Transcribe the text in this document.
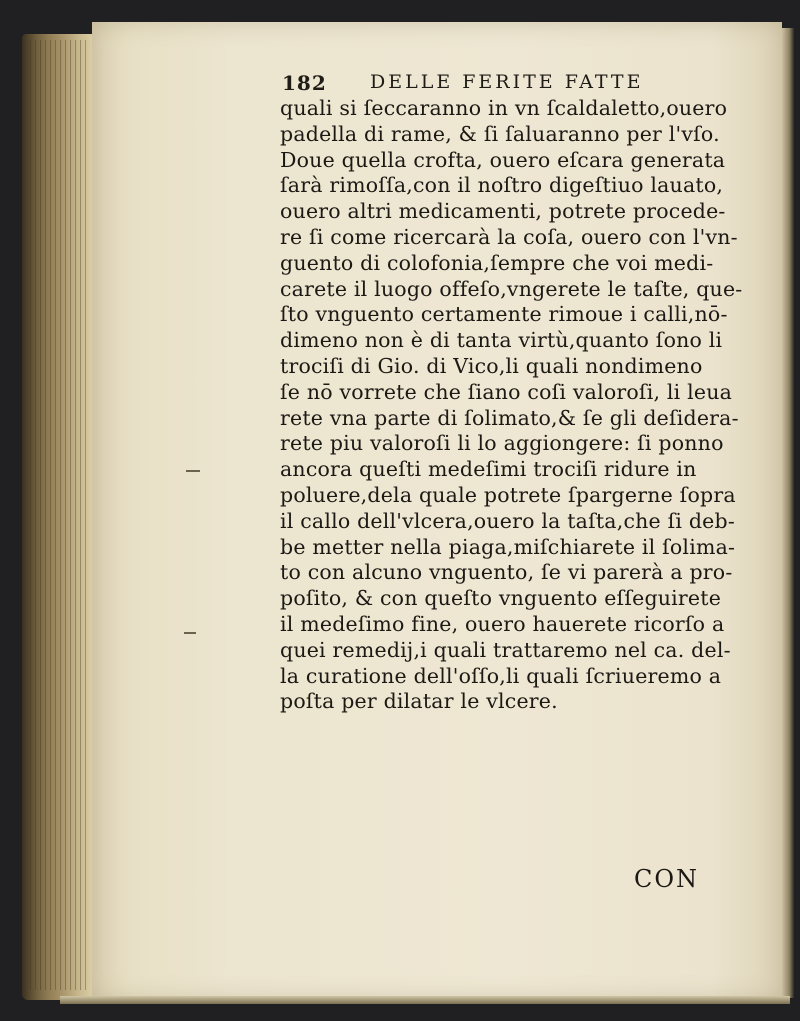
182 DELLE FERITE FATTE
quali si ſeccaranno in vn ſcaldaletto,ouero
padella di rame, & ſi ſaluaranno per l'vſo.
Doue quella crofta, ouero eſcara generata
ſarà rimoſſa,con il noſtro digeſtiuo lauato,
ouero altri medicamenti, potrete procede-
re ſi come ricercarà la coſa, ouero con l'vn-
guento di colofonia,ſempre che voi medi-
carete il luogo offeſo,vngerete le taſte, que-
ſto vnguento certamente rimoue i calli,nō-
dimeno non è di tanta virtù,quanto ſono li
trociſi di Gio. di Vico,li quali nondimeno
ſe nō vorrete che ſiano coſi valoroſi, li leua
rete vna parte di ſolimato,& ſe gli deſidera-
rete piu valoroſi li lo aggiongere: ſi ponno
ancora queſti medeſimi trociſi ridure in
poluere,dela quale potrete ſpargerne ſopra
il callo dell'vlcera,ouero la taſta,che ſi deb-
be metter nella piaga,miſchiarete il ſolima-
to con alcuno vnguento, ſe vi parerà a pro-
poſito, & con queſto vnguento eſſeguirete
il medeſimo fine, ouero hauerete ricorſo a
quei remedij,i quali trattaremo nel ca. del-
la curatione dell'oſſo,li quali ſcriueremo a
poſta per dilatar le vlcere.
CON
